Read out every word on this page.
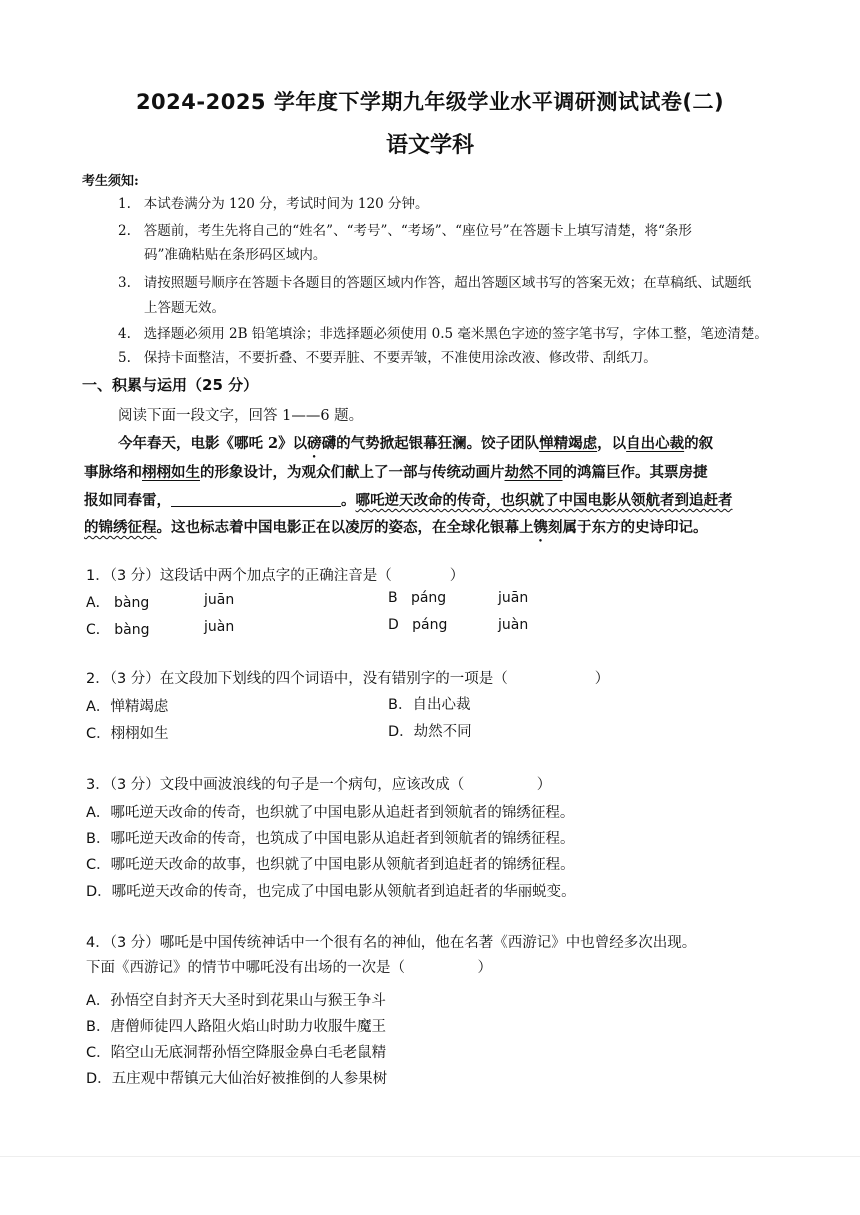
2024-2025 学年度下学期九年级学业水平调研测试试卷(二)
语文学科
考生须知:
1. 本试卷满分为 120 分，考试时间为 120 分钟。
2. 答题前，考生先将自己的“姓名”、“考号”、“考场”、“座位号”在答题卡上填写清楚，将“条形
码”准确粘贴在条形码区域内。
3. 请按照题号顺序在答题卡各题目的答题区域内作答，超出答题区域书写的答案无效；在草稿纸、试题纸
上答题无效。
4. 选择题必须用 2B 铅笔填涂；非选择题必须使用 0.5 毫米黑色字迹的签字笔书写，字体工整，笔迹清楚。
5. 保持卡面整洁，不要折叠、不要弄脏、不要弄皱，不准使用涂改液、修改带、刮纸刀。
一、积累与运用（25 分）
阅读下面一段文字，回答 1——6 题。
今年春天，电影《哪吒 2》以磅礴的气势掀起银幕狂澜。饺子团队惮精竭虑，以自出心裁的叙
事脉络和栩栩如生的形象设计，为观众们献上了一部与传统动画片劫然不同的鸿篇巨作。其票房捷
报如同春雷，	。哪吒逆天改命的传奇，也织就了中国电影从领航者到追赶者
的锦绣征程。这也标志着中国电影正在以凌厉的姿态，在全球化银幕上镌刻属于东方的史诗印记。
1．（3 分）这段话中两个加点字的正确注音是（　　　　）
A． bàng	juān	B páng	juān
C． bàng	juàn	D páng	juàn
2．（3 分）在文段加下划线的四个词语中，没有错别字的一项是（　　　　　　）
A．惮精竭虑	B．自出心裁
C．栩栩如生	D．劫然不同
3．（3 分）文段中画波浪线的句子是一个病句，应该改成（　　　　　）
A．哪吒逆天改命的传奇，也织就了中国电影从追赶者到领航者的锦绣征程。
B．哪吒逆天改命的传奇，也筑成了中国电影从追赶者到领航者的锦绣征程。
C．哪吒逆天改命的故事，也织就了中国电影从领航者到追赶者的锦绣征程。
D．哪吒逆天改命的传奇，也完成了中国电影从领航者到追赶者的华丽蜕变。
4．（3 分）哪吒是中国传统神话中一个很有名的神仙，他在名著《西游记》中也曾经多次出现。
下面《西游记》的情节中哪吒没有出场的一次是（　　　　　）
A．孙悟空自封齐天大圣时到花果山与猴王争斗
B．唐僧师徒四人路阻火焰山时助力收服牛魔王
C．陷空山无底洞帮孙悟空降服金鼻白毛老鼠精
D．五庄观中帮镇元大仙治好被推倒的人参果树
